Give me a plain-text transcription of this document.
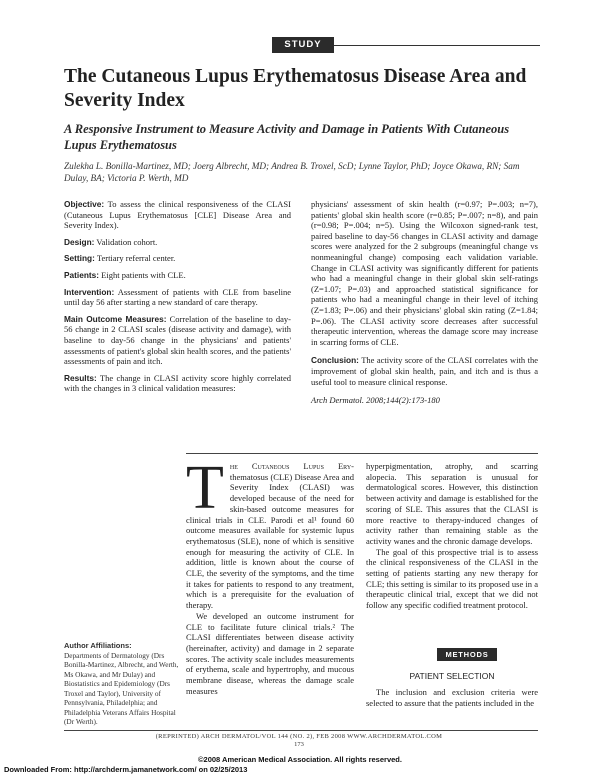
STUDY
The Cutaneous Lupus Erythematosus Disease Area and Severity Index
A Responsive Instrument to Measure Activity and Damage in Patients With Cutaneous Lupus Erythematosus
Zulekha L. Bonilla-Martinez, MD; Joerg Albrecht, MD; Andrea B. Troxel, ScD; Lynne Taylor, PhD; Joyce Okawa, RN; Sam Dulay, BA; Victoria P. Werth, MD

Objective: To assess the clinical responsiveness of the CLASI (Cutaneous Lupus Erythematosus [CLE] Disease Area and Severity Index).

Design: Validation cohort.

Setting: Tertiary referral center.

Patients: Eight patients with CLE.

Intervention: Assessment of patients with CLE from baseline until day 56 after starting a new standard of care therapy.

Main Outcome Measures: Correlation of the baseline to day-56 change in 2 CLASI scales (disease activity and damage), with baseline to day-56 change in the physicians' and patients' assessments of patient's global skin health scores, and the patients' assessments of pain and itch.

Results: The change in CLASI activity score highly correlated with the changes in 3 clinical validation measures:

physicians' assessment of skin health (r=0.97; P=.003; n=7), patients' global skin health score (r=0.85; P=.007; n=8), and pain (r=0.98; P=.004; n=5). Using the Wilcoxon signed-rank test, paired baseline to day-56 changes in CLASI activity and damage scores were analyzed for the 2 subgroups (meaningful change vs nonmeaningful change) composing each validation variable. Change in CLASI activity was significantly different for patients who had a meaningful change in their global skin self-ratings (Z=1.07; P=.03) and approached statistical significance for patients who had a meaningful change in their level of itching (Z=1.83; P=.06) and their physicians' global skin rating (Z=1.84; P=.06). The CLASI activity score decreases after successful therapeutic intervention, whereas the damage score may increase in scarring forms of CLE.

Conclusion: The activity score of the CLASI correlates with the improvement of global skin health, pain, and itch and is thus a useful tool to measure clinical response.

Arch Dermatol. 2008;144(2):173-180

The Cutaneous Lupus Ery-thematosus (CLE) Disease Area and Severity Index (CLASI) was developed because of the need for skin-based outcome measures for clinical trials in CLE. Parodi et al¹ found 60 outcome measures available for systemic lupus erythematosus (SLE), none of which is sensitive enough for measuring the activity of CLE. In addition, little is known about the course of CLE, the severity of the symptoms, and the time it takes for patients to respond to any treatment, which is a prerequisite for the evaluation of therapy.

We developed an outcome instrument for CLE to facilitate future clinical trials.² The CLASI differentiates between disease activity (hereinafter, activity) and damage in 2 separate scores. The activity scale includes measurements of erythema, scale and hypertrophy, and mucous membrane disease, whereas the damage scale measures

hyperpigmentation, atrophy, and scarring alopecia. This separation is unusual for dermatological scores. However, this distinction between activity and damage is established for the scoring of SLE. This assures that the CLASI is more reactive to therapy-induced changes of activity rather than remaining stable as the activity wanes and the chronic damage develops.

The goal of this prospective trial is to assess the clinical responsiveness of the CLASI in the setting of patients starting any new therapy for CLE; this setting is similar to its proposed use in a therapeutic clinical trial, except that we did not follow any specific codified treatment protocol.

METHODS
PATIENT SELECTION

The inclusion and exclusion criteria were selected to assure that the patients included in the

Author Affiliations:
Departments of Dermatology (Drs Bonilla-Martinez, Albrecht, and Werth, Ms Okawa, and Mr Dulay) and Biostatistics and Epidemiology (Drs Troxel and Taylor), University of Pennsylvania, Philadelphia; and Philadelphia Veterans Affairs Hospital (Dr Werth).
(REPRINTED) ARCH DERMATOL/VOL 144 (NO. 2), FEB 2008 WWW.ARCHDERMATOL.COM
173
©2008 American Medical Association. All rights reserved.
Downloaded From: http://archderm.jamanetwork.com/ on 02/25/2013
